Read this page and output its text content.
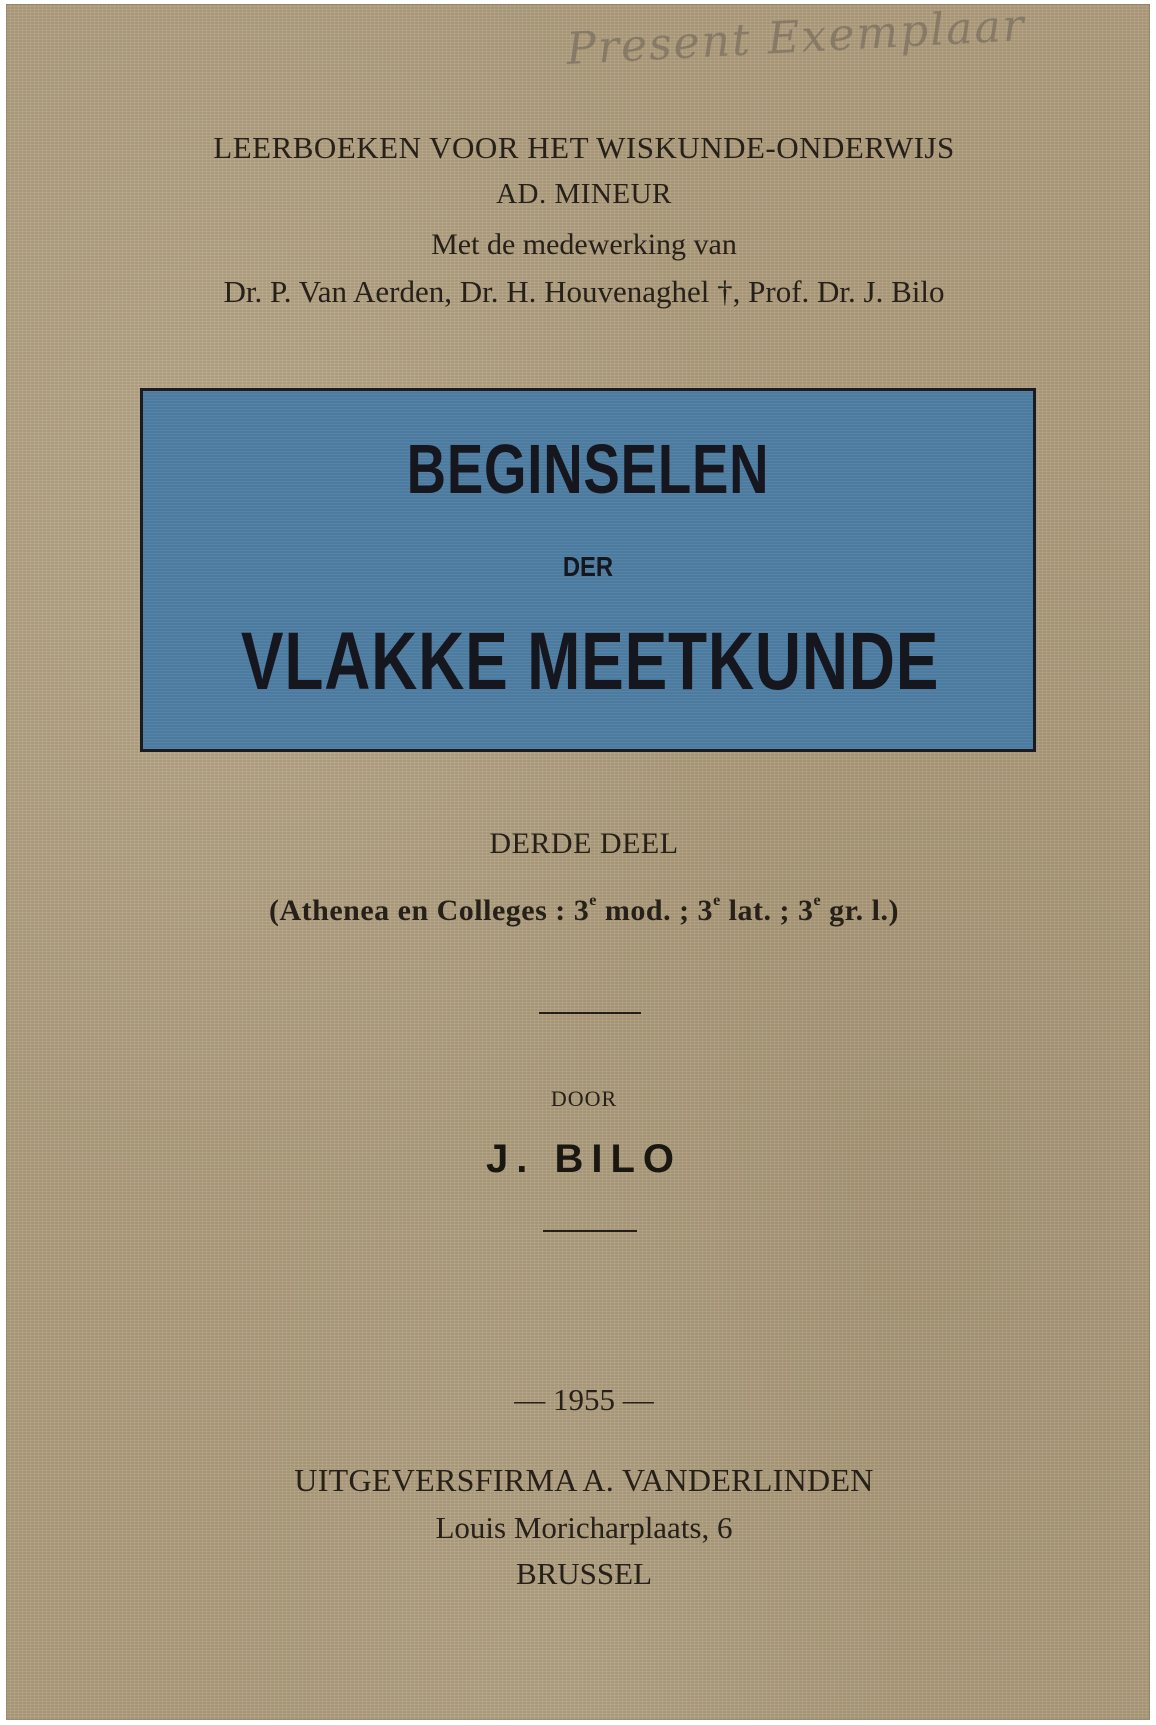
Present Exemplaar
LEERBOEKEN VOOR HET WISKUNDE-ONDERWIJS
AD. MINEUR
Met de medewerking van
Dr. P. Van Aerden, Dr. H. Houvenaghel †, Prof. Dr. J. Bilo
BEGINSELEN
DER
VLAKKE MEETKUNDE
DERDE DEEL
(Athenea en Colleges : 3e mod. ; 3e lat. ; 3e gr. l.)
DOOR
J. BILO
— 1955 —
UITGEVERSFIRMA A. VANDERLINDEN
Louis Moricharplaats, 6
BRUSSEL
